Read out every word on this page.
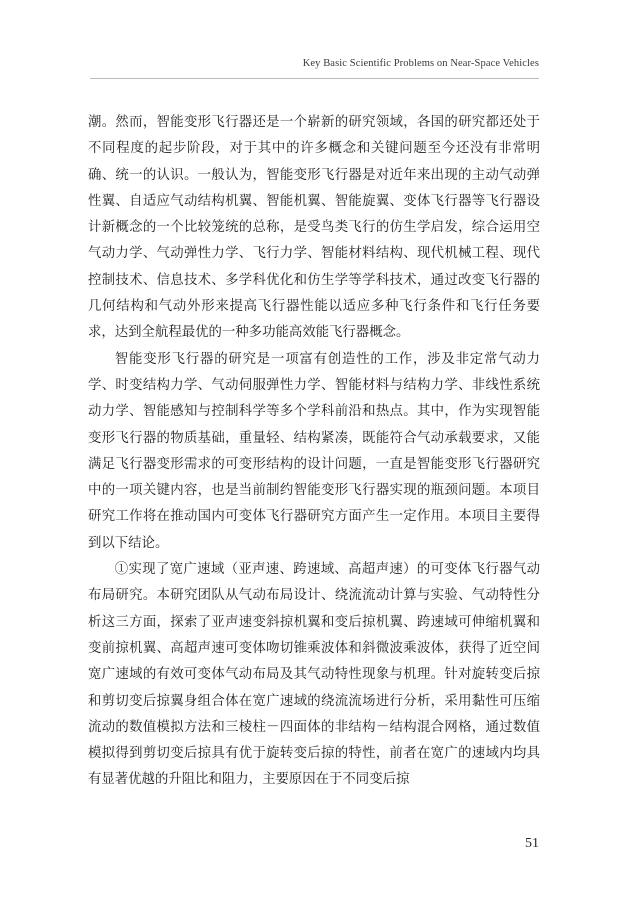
Key Basic Scientific Problems on Near-Space Vehicles

潮。然而，智能变形飞行器还是一个崭新的研究领域，各国的研究都还处于不同程度的起步阶段，对于其中的许多概念和关键问题至今还没有非常明确、统一的认识。一般认为，智能变形飞行器是对近年来出现的主动气动弹性翼、自适应气动结构机翼、智能机翼、智能旋翼、变体飞行器等飞行器设计新概念的一个比较笼统的总称，是受鸟类飞行的仿生学启发，综合运用空气动力学、气动弹性力学、飞行力学、智能材料结构、现代机械工程、现代控制技术、信息技术、多学科优化和仿生学等学科技术，通过改变飞行器的几何结构和气动外形来提高飞行器性能以适应多种飞行条件和飞行任务要求，达到全航程最优的一种多功能高效能飞行器概念。

智能变形飞行器的研究是一项富有创造性的工作，涉及非定常气动力学、时变结构力学、气动伺服弹性力学、智能材料与结构力学、非线性系统动力学、智能感知与控制科学等多个学科前沿和热点。其中，作为实现智能变形飞行器的物质基础，重量轻、结构紧凑，既能符合气动承载要求，又能满足飞行器变形需求的可变形结构的设计问题，一直是智能变形飞行器研究中的一项关键内容，也是当前制约智能变形飞行器实现的瓶颈问题。本项目研究工作将在推动国内可变体飞行器研究方面产生一定作用。本项目主要得到以下结论。

①实现了宽广速域（亚声速、跨速域、高超声速）的可变体飞行器气动布局研究。本研究团队从气动布局设计、绕流流动计算与实验、气动特性分析这三方面，探索了亚声速变斜掠机翼和变后掠机翼、跨速域可伸缩机翼和变前掠机翼、高超声速可变体吻切锥乘波体和斜微波乘波体，获得了近空间宽广速域的有效可变体气动布局及其气动特性现象与机理。针对旋转变后掠和剪切变后掠翼身组合体在宽广速域的绕流流场进行分析，采用黏性可压缩流动的数值模拟方法和三棱柱－四面体的非结构－结构混合网格，通过数值模拟得到剪切变后掠具有优于旋转变后掠的特性，前者在宽广的速域内均具有显著优越的升阻比和阻力，主要原因在于不同变后掠

51
